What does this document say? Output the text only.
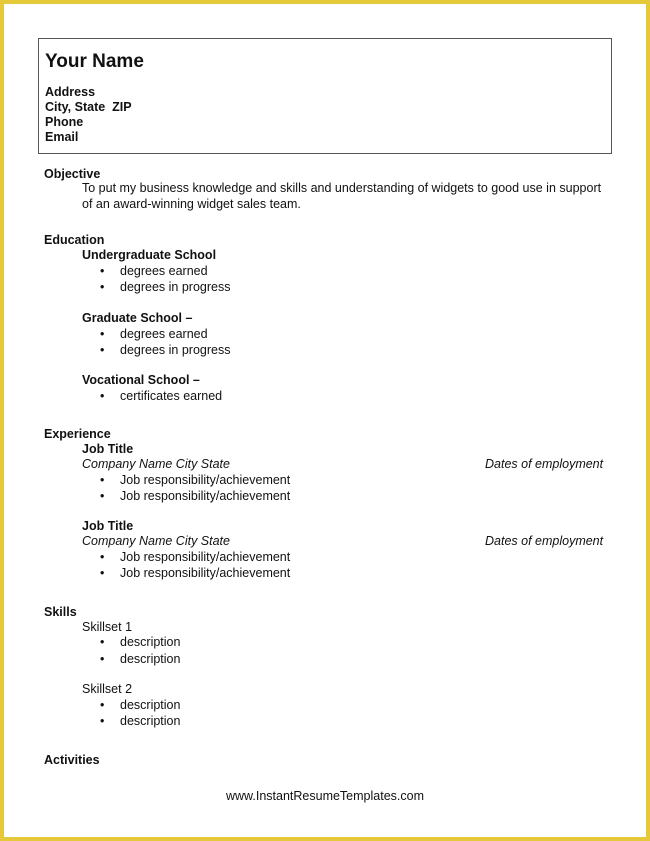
Your Name
Address
City, State  ZIP
Phone
Email
Objective
To put my business knowledge and skills and understanding of widgets to good use in support of an award-winning widget sales team.
Education
Undergraduate School
• degrees earned
• degrees in progress
Graduate School –
• degrees earned
• degrees in progress
Vocational School –
• certificates earned
Experience
Job Title
Company Name City State	Dates of employment
• Job responsibility/achievement
• Job responsibility/achievement
Job Title
Company Name City State	Dates of employment
• Job responsibility/achievement
• Job responsibility/achievement
Skills
Skillset 1
• description
• description
Skillset 2
• description
• description
Activities
www.InstantResumeTemplates.com
